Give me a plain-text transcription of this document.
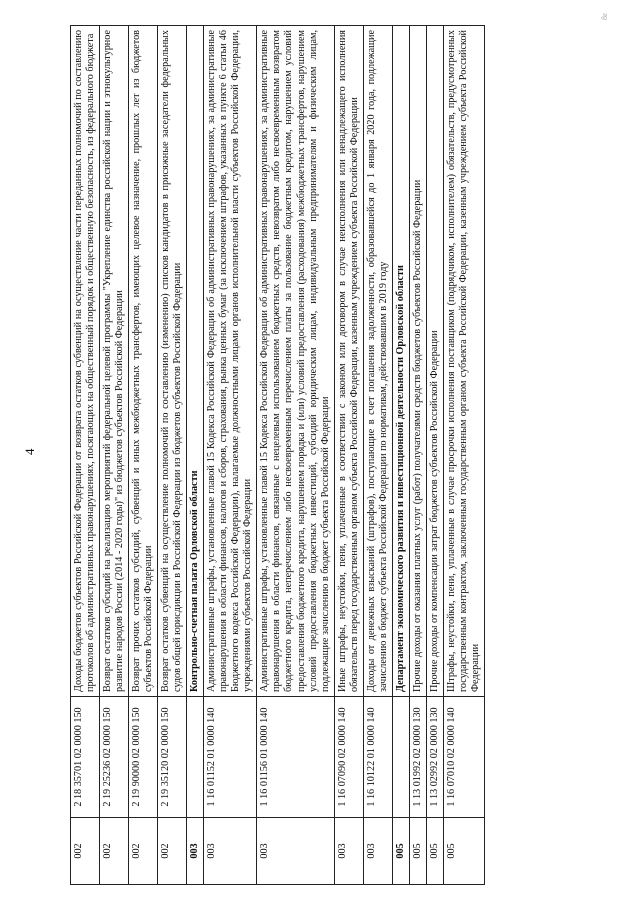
4
8ε
002	2 18 35701 02 0000 150	Доходы бюджетов субъектов Российской Федерации от возврата остатков субвенций на осуществление части переданных полномочий по составлению протоколов об административных правонарушениях, посягающих на общественный порядок и общественную безопасность, из федерального бюджета
002	2 19 25236 02 0000 150	Возврат остатков субсидий на реализацию мероприятий федеральной целевой программы "Укрепление единства российской нации и этнокультурное развитие народов России (2014 - 2020 годы)" из бюджетов субъектов Российской Федерации
002	2 19 90000 02 0000 150	Возврат прочих остатков субсидий, субвенций и иных межбюджетных трансфертов, имеющих целевое назначение, прошлых лет из бюджетов субъектов Российской Федерации
002	2 19 35120 02 0000 150	Возврат остатков субвенций на осуществление полномочий по составлению (изменению) списков кандидатов в присяжные заседатели федеральных судов общей юрисдикции в Российской Федерации из бюджетов субъектов Российской Федерации
003		Контрольно-счетная палата Орловской области
003	1 16 01152 01 0000 140	Административные штрафы, установленные главой 15 Кодекса Российской Федерации об административных правонарушениях, за административные правонарушения в области финансов, налогов и сборов, страхования, рынка ценных бумаг (за исключением штрафов, указанных в пункте 6 статьи 46 Бюджетного кодекса Российской Федерации), налагаемые должностными лицами органов исполнительной власти субъектов Российской Федерации, учреждениями субъектов Российской Федерации
003	1 16 01156 01 0000 140	Административные штрафы, установленные главой 15 Кодекса Российской Федерации об административных правонарушениях, за административные правонарушения в области финансов, связанные с нецелевым использованием бюджетных средств, невозвратом либо несвоевременным возвратом бюджетного кредита, неперечислением либо несвоевременным перечислением платы за пользование бюджетным кредитом, нарушением условий предоставления бюджетного кредита, нарушением порядка и (или) условий предоставления (расходования) межбюджетных трансфертов, нарушением условий предоставления бюджетных инвестиций, субсидий юридическим лицам, индивидуальным предпринимателям и физическим лицам, подлежащие зачислению в бюджет субъекта Российской Федерации
003	1 16 07090 02 0000 140	Иные штрафы, неустойки, пени, уплаченные в соответствии с законом или договором в случае неисполнения или ненадлежащего исполнения обязательств перед государственным органом субъекта Российской Федерации, казенным учреждением субъекта Российской Федерации
003	1 16 10122 01 0000 140	Доходы от денежных взысканий (штрафов), поступающие в счет погашения задолженности, образовавшейся до 1 января 2020 года, подлежащие зачислению в бюджет субъекта Российской Федерации по нормативам, действовавшим в 2019 году
005		Департамент экономического развития и инвестиционной деятельности Орловской области
005	1 13 01992 02 0000 130	Прочие доходы от оказания платных услуг (работ) получателями средств бюджетов субъектов Российской Федерации
005	1 13 02992 02 0000 130	Прочие доходы от компенсации затрат бюджетов субъектов Российской Федерации
005	1 16 07010 02 0000 140	Штрафы, неустойки, пени, уплаченные в случае просрочки исполнения поставщиком (подрядчиком, исполнителем) обязательств, предусмотренных государственным контрактом, заключенным государственным органом субъекта Российской Федерации, казенным учреждением субъекта Российской Федерации
